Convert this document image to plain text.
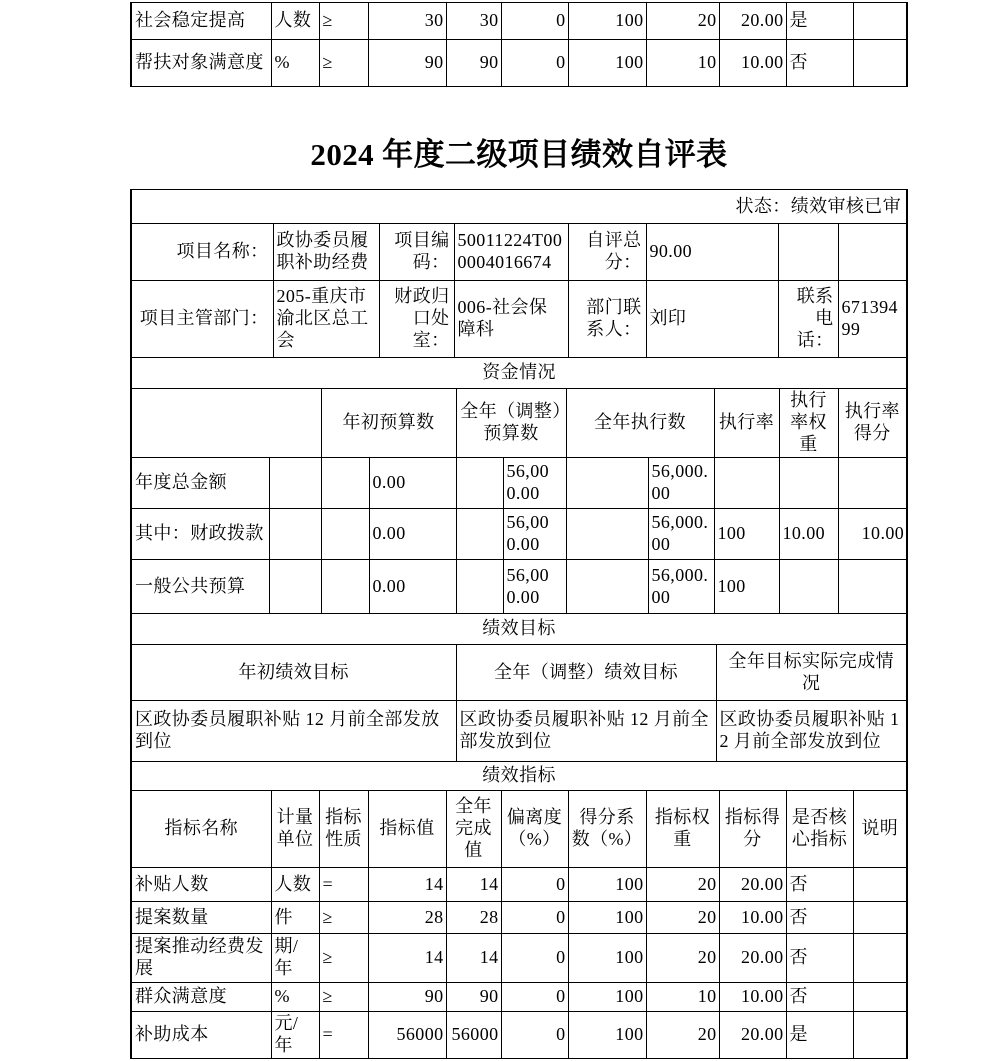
社会稳定提高	人数	≥	30	30	0	100	20	20.00	是	
帮扶对象满意度	%	≥	90	90	0	100	10	10.00	否	
2024 年度二级项目绩效自评表
状态：绩效审核已审							
项目名称：	政协委员履职补助经费	项目编码：	50011224T000004016674	自评总分：	90.00		
项目主管部门：	205-重庆市渝北区总工会	财政归口处室：	006-社会保障科	部门联系人：	刘印	联系电话：	67139499
资金情况										
		年初预算数		全年（调整）预算数		全年执行数		执行率	执行率权重	执行率得分
年度总金额			0.00		56,000.00		56,000.00			
其中：财政拨款			0.00		56,000.00		56,000.00	100	10.00	10.00
一般公共预算			0.00		56,000.00		56,000.00	100		
绩效目标		
年初绩效目标	全年（调整）绩效目标	全年目标实际完成情况
区政协委员履职补贴 12 月前全部发放到位	区政协委员履职补贴 12 月前全部发放到位	区政协委员履职补贴 12 月前全部发放到位
绩效指标										
指标名称	计量单位	指标性质	指标值	全年完成值	偏离度（%）	得分系数（%）	指标权重	指标得分	是否核心指标	说明
补贴人数	人数	=	14	14	0	100	20	20.00	否	
提案数量	件	≥	28	28	0	100	20	10.00	否	
提案推动经费发展	期/年	≥	14	14	0	100	20	20.00	否	
群众满意度	%	≥	90	90	0	100	10	10.00	否	
补助成本	元/年	=	56000	56000	0	100	20	20.00	是	
